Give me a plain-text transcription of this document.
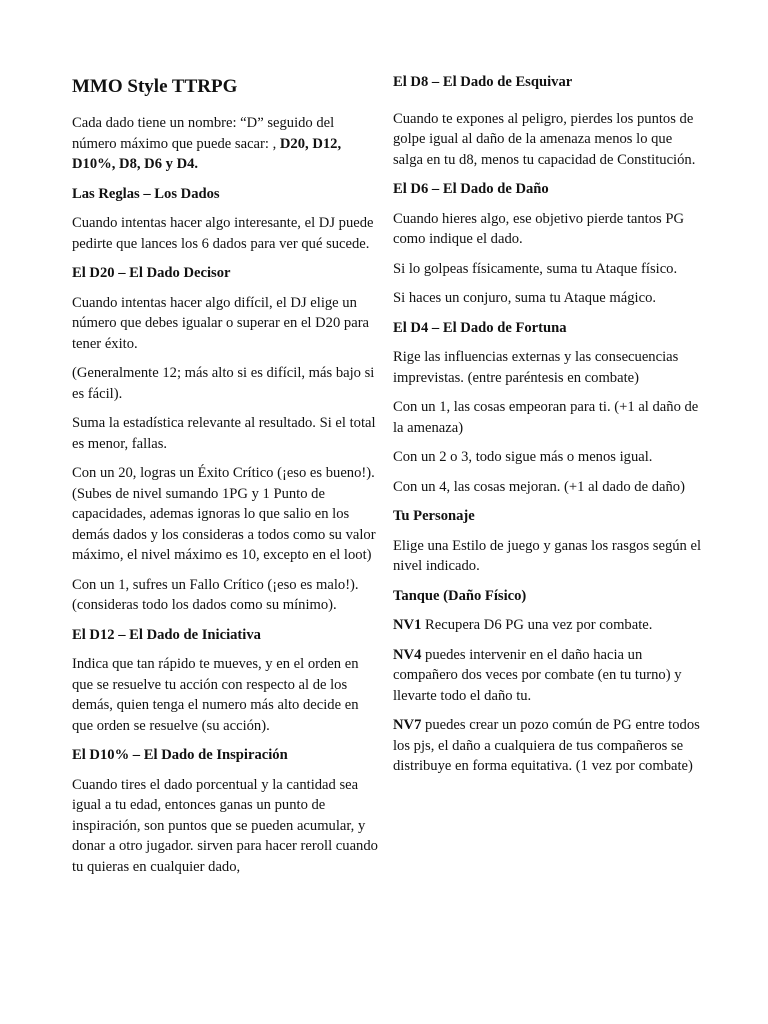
MMO Style TTRPG

Cada dado tiene un nombre: “D” seguido del número máximo que puede sacar: , D20, D12, D10%, D8, D6 y D4.

Las Reglas – Los Dados

Cuando intentas hacer algo interesante, el DJ puede pedirte que lances los 6 dados para ver qué sucede.

El D20 – El Dado Decisor

Cuando intentas hacer algo difícil, el DJ elige un número que debes igualar o superar en el D20 para tener éxito.

(Generalmente 12; más alto si es difícil, más bajo si es fácil).

Suma la estadística relevante al resultado. Si el total es menor, fallas.

Con un 20, logras un Éxito Crítico (¡eso es bueno!). (Subes de nivel sumando 1PG y 1 Punto de capacidades, ademas ignoras lo que salio en los demás dados y los consideras a todos como su valor máximo, el nivel máximo es 10, excepto en el loot)

Con un 1, sufres un Fallo Crítico (¡eso es malo!). (consideras todo los dados como su mínimo).

El D12 – El Dado de Iniciativa

Indica que tan rápido te mueves, y en el orden en que se resuelve tu acción con respecto al de los demás, quien tenga el numero más alto decide en que orden se resuelve (su acción).

El D10% – El Dado de Inspiración

Cuando tires el dado porcentual y la cantidad sea igual a tu edad, entonces ganas un punto de inspiración, son puntos que se pueden acumular, y donar a otro jugador. sirven para hacer reroll cuando tu quieras en cualquier dado,

El D8 – El Dado de Esquivar

Cuando te expones al peligro, pierdes los puntos de golpe igual al daño de la amenaza menos lo que salga en tu d8, menos tu capacidad de Constitución.

El D6 – El Dado de Daño

Cuando hieres algo, ese objetivo pierde tantos PG como indique el dado.

Si lo golpeas físicamente, suma tu Ataque físico.

Si haces un conjuro, suma tu Ataque mágico.

El D4 – El Dado de Fortuna

Rige las influencias externas y las consecuencias imprevistas. (entre paréntesis en combate)

Con un 1, las cosas empeoran para ti. (+1 al daño de la amenaza)

Con un 2 o 3, todo sigue más o menos igual.

Con un 4, las cosas mejoran. (+1 al dado de daño)

Tu Personaje

Elige una Estilo de juego y ganas los rasgos según el nivel indicado.

Tanque (Daño Físico)

NV1 Recupera D6 PG una vez por combate.

NV4 puedes intervenir en el daño hacia un compañero dos veces por combate (en tu turno) y llevarte todo el daño tu.

NV7 puedes crear un pozo común de PG entre todos los pjs, el daño a cualquiera de tus compañeros se distribuye en forma equitativa. (1 vez por combate)
